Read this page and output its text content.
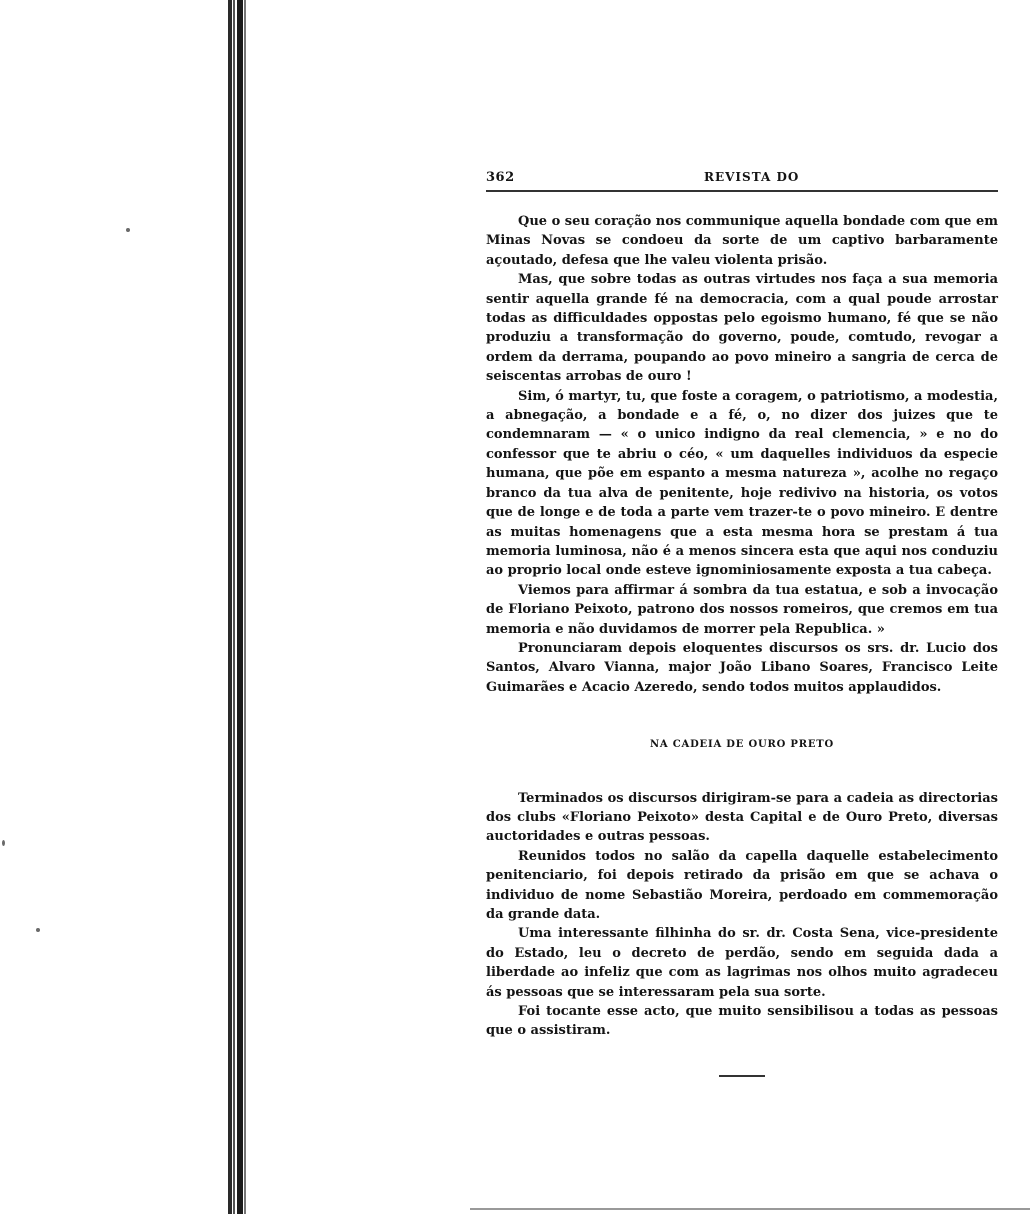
362	REVISTA DO

Que o seu coração nos communique aquella bondade com que em Minas Novas se condoeu da sorte de um captivo barbaramente açoutado, defesa que lhe valeu violenta prisão.

Mas, que sobre todas as outras virtudes nos faça a sua memoria sentir aquella grande fé na democracia, com a qual poude arrostar todas as difficuldades oppostas pelo egoismo humano, fé que se não produziu a transformação do governo, poude, comtudo, revogar a ordem da derrama, poupando ao povo mineiro a sangria de cerca de seiscentas arrobas de ouro !

Sim, ó martyr, tu, que foste a coragem, o patriotismo, a modestia, a abnegação, a bondade e a fé, o, no dizer dos juizes que te condemnaram — « o unico indigno da real clemencia, » e no do confessor que te abriu o céo, « um daquelles individuos da especie humana, que põe em espanto a mesma natureza », acolhe no regaço branco da tua alva de penitente, hoje redivivo na historia, os votos que de longe e de toda a parte vem trazer-te o povo mineiro. E dentre as muitas homenagens que a esta mesma hora se prestam á tua memoria luminosa, não é a menos sincera esta que aqui nos conduziu ao proprio local onde esteve ignominiosamente exposta a tua cabeça.

Viemos para affirmar á sombra da tua estatua, e sob a invocação de Floriano Peixoto, patrono dos nossos romeiros, que cremos em tua memoria e não duvidamos de morrer pela Republica. »

Pronunciaram depois eloquentes discursos os srs. dr. Lucio dos Santos, Alvaro Vianna, major João Libano Soares, Francisco Leite Guimarães e Acacio Azeredo, sendo todos muitos applaudidos.

NA CADEIA DE OURO PRETO

Terminados os discursos dirigiram-se para a cadeia as directorias dos clubs «Floriano Peixoto» desta Capital e de Ouro Preto, diversas auctoridades e outras pessoas.

Reunidos todos no salão da capella daquelle estabelecimento penitenciario, foi depois retirado da prisão em que se achava o individuo de nome Sebastião Moreira, perdoado em commemoração da grande data.

Uma interessante filhinha do sr. dr. Costa Sena, vice-presidente do Estado, leu o decreto de perdão, sendo em seguida dada a liberdade ao infeliz que com as lagrimas nos olhos muito agradeceu ás pessoas que se interessaram pela sua sorte.

Foi tocante esse acto, que muito sensibilisou a todas as pessoas que o assistiram.
